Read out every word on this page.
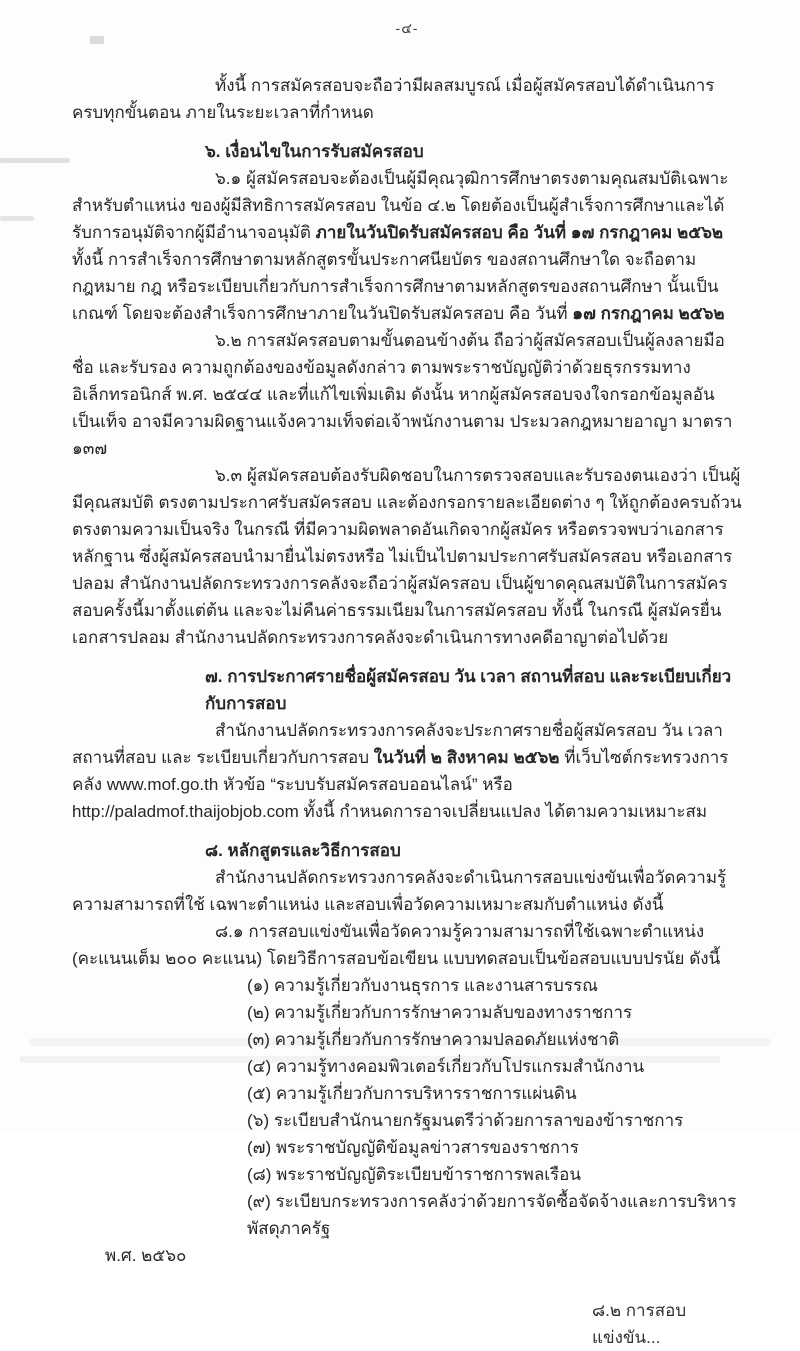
-๔-

ทั้งนี้ การสมัครสอบจะถือว่ามีผลสมบูรณ์ เมื่อผู้สมัครสอบได้ดำเนินการครบทุกขั้นตอน ภายในระยะเวลาที่กำหนด

๖. เงื่อนไขในการรับสมัครสอบ

๖.๑ ผู้สมัครสอบจะต้องเป็นผู้มีคุณวุฒิการศึกษาตรงตามคุณสมบัติเฉพาะสำหรับตำแหน่ง ของผู้มีสิทธิการสมัครสอบ ในข้อ ๔.๒ โดยต้องเป็นผู้สำเร็จการศึกษาและได้รับการอนุมัติจากผู้มีอำนาจอนุมัติ ภายในวันปิดรับสมัครสอบ คือ วันที่ ๑๗ กรกฎาคม ๒๕๖๒ ทั้งนี้ การสำเร็จการศึกษาตามหลักสูตรขั้นประกาศนียบัตร ของสถานศึกษาใด จะถือตามกฎหมาย กฎ หรือระเบียบเกี่ยวกับการสำเร็จการศึกษาตามหลักสูตรของสถานศึกษา นั้นเป็นเกณฑ์ โดยจะต้องสำเร็จการศึกษาภายในวันปิดรับสมัครสอบ คือ วันที่ ๑๗ กรกฎาคม ๒๕๖๒

๖.๒ การสมัครสอบตามขั้นตอนข้างต้น ถือว่าผู้สมัครสอบเป็นผู้ลงลายมือชื่อ และรับรอง ความถูกต้องของข้อมูลดังกล่าว ตามพระราชบัญญัติว่าด้วยธุรกรรมทางอิเล็กทรอนิกส์ พ.ศ. ๒๕๔๔ และที่แก้ไขเพิ่มเติม ดังนั้น หากผู้สมัครสอบจงใจกรอกข้อมูลอันเป็นเท็จ อาจมีความผิดฐานแจ้งความเท็จต่อเจ้าพนักงานตาม ประมวลกฎหมายอาญา มาตรา ๑๓๗

๖.๓ ผู้สมัครสอบต้องรับผิดชอบในการตรวจสอบและรับรองตนเองว่า เป็นผู้มีคุณสมบัติ ตรงตามประกาศรับสมัครสอบ และต้องกรอกรายละเอียดต่าง ๆ ให้ถูกต้องครบถ้วน ตรงตามความเป็นจริง ในกรณี ที่มีความผิดพลาดอันเกิดจากผู้สมัคร หรือตรวจพบว่าเอกสารหลักฐาน ซึ่งผู้สมัครสอบนำมายื่นไม่ตรงหรือ ไม่เป็นไปตามประกาศรับสมัครสอบ หรือเอกสารปลอม สำนักงานปลัดกระทรวงการคลังจะถือว่าผู้สมัครสอบ เป็นผู้ขาดคุณสมบัติในการสมัครสอบครั้งนี้มาตั้งแต่ต้น และจะไม่คืนค่าธรรมเนียมในการสมัครสอบ ทั้งนี้ ในกรณี ผู้สมัครยื่นเอกสารปลอม สำนักงานปลัดกระทรวงการคลังจะดำเนินการทางคดีอาญาต่อไปด้วย

๗. การประกาศรายชื่อผู้สมัครสอบ วัน เวลา สถานที่สอบ และระเบียบเกี่ยวกับการสอบ

สำนักงานปลัดกระทรวงการคลังจะประกาศรายชื่อผู้สมัครสอบ วัน เวลา สถานที่สอบ และ ระเบียบเกี่ยวกับการสอบ ในวันที่ ๒ สิงหาคม ๒๕๖๒ ที่เว็บไซต์กระทรวงการคลัง www.mof.go.th หัวข้อ “ระบบรับสมัครสอบออนไลน์” หรือ http://paladmof.thaijobjob.com ทั้งนี้ กำหนดการอาจเปลี่ยนแปลง ได้ตามความเหมาะสม

๘. หลักสูตรและวิธีการสอบ

สำนักงานปลัดกระทรวงการคลังจะดำเนินการสอบแข่งขันเพื่อวัดความรู้ความสามารถที่ใช้ เฉพาะตำแหน่ง และสอบเพื่อวัดความเหมาะสมกับตำแหน่ง ดังนี้

๘.๑ การสอบแข่งขันเพื่อวัดความรู้ความสามารถที่ใช้เฉพาะตำแหน่ง (คะแนนเต็ม ๒๐๐ คะแนน) โดยวิธีการสอบข้อเขียน แบบทดสอบเป็นข้อสอบแบบปรนัย ดังนี้

(๑) ความรู้เกี่ยวกับงานธุรการ และงานสารบรรณ
(๒) ความรู้เกี่ยวกับการรักษาความลับของทางราชการ
(๓) ความรู้เกี่ยวกับการรักษาความปลอดภัยแห่งชาติ
(๔) ความรู้ทางคอมพิวเตอร์เกี่ยวกับโปรแกรมสำนักงาน
(๕) ความรู้เกี่ยวกับการบริหารราชการแผ่นดิน
(๖) ระเบียบสำนักนายกรัฐมนตรีว่าด้วยการลาของข้าราชการ
(๗) พระราชบัญญัติข้อมูลข่าวสารของราชการ
(๘) พระราชบัญญัติระเบียบข้าราชการพลเรือน
(๙) ระเบียบกระทรวงการคลังว่าด้วยการจัดซื้อจัดจ้างและการบริหารพัสดุภาครัฐ
พ.ศ. ๒๕๖๐
๘.๒ การสอบแข่งขัน...
